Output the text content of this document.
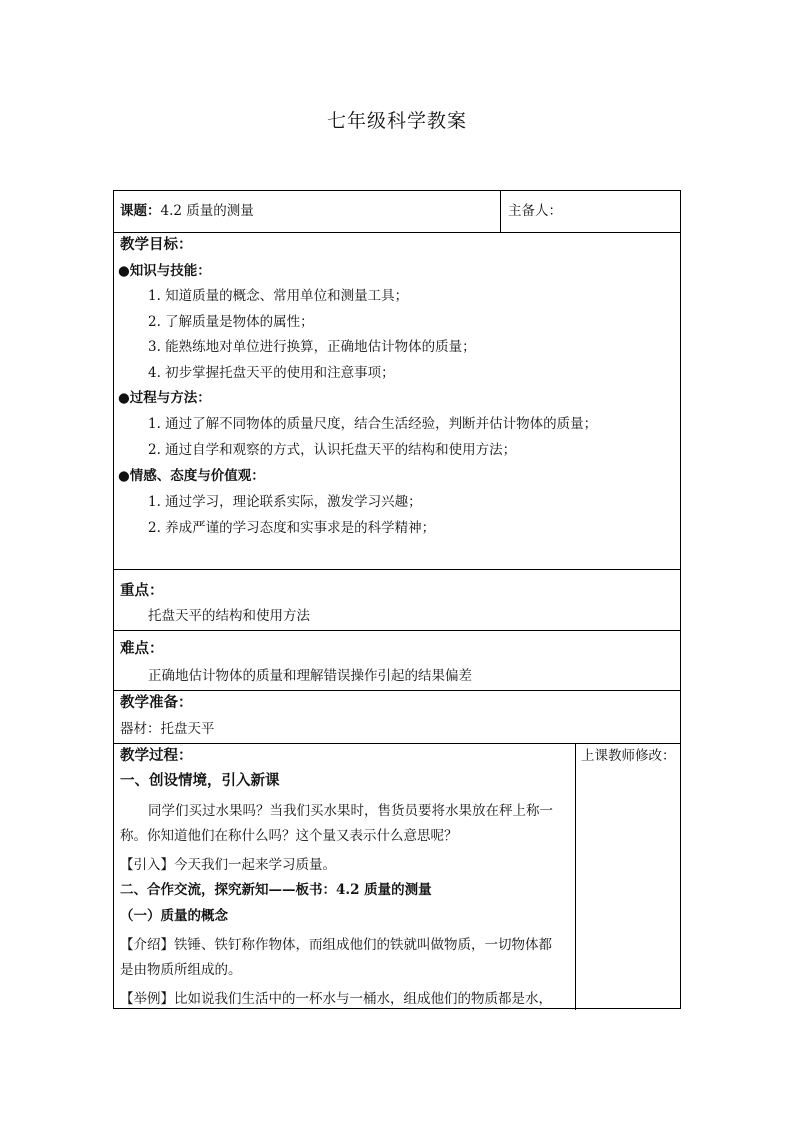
七年级科学教案
课题：4.2 质量的测量	主备人：
教学目标：
●知识与技能：
1. 知道质量的概念、常用单位和测量工具；
2. 了解质量是物体的属性；
3. 能熟练地对单位进行换算，正确地估计物体的质量；
4. 初步掌握托盘天平的使用和注意事项；
●过程与方法：
1. 通过了解不同物体的质量尺度，结合生活经验，判断并估计物体的质量；
2. 通过自学和观察的方式，认识托盘天平的结构和使用方法；
●情感、态度与价值观：
1. 通过学习，理论联系实际，激发学习兴趣；
2. 养成严谨的学习态度和实事求是的科学精神；
重点：
托盘天平的结构和使用方法
难点：
正确地估计物体的质量和理解错误操作引起的结果偏差
教学准备：
器材：托盘天平
教学过程：	上课教师修改：
一、创设情境，引入新课
同学们买过水果吗？当我们买水果时，售货员要将水果放在秤上称一
称。你知道他们在称什么吗？这个量又表示什么意思呢？
【引入】今天我们一起来学习质量。
二、合作交流，探究新知——板书：4.2 质量的测量
（一）质量的概念
【介绍】铁锤、铁钉称作物体，而组成他们的铁就叫做物质，一切物体都
是由物质所组成的。
【举例】比如说我们生活中的一杯水与一桶水，组成他们的物质都是水，
